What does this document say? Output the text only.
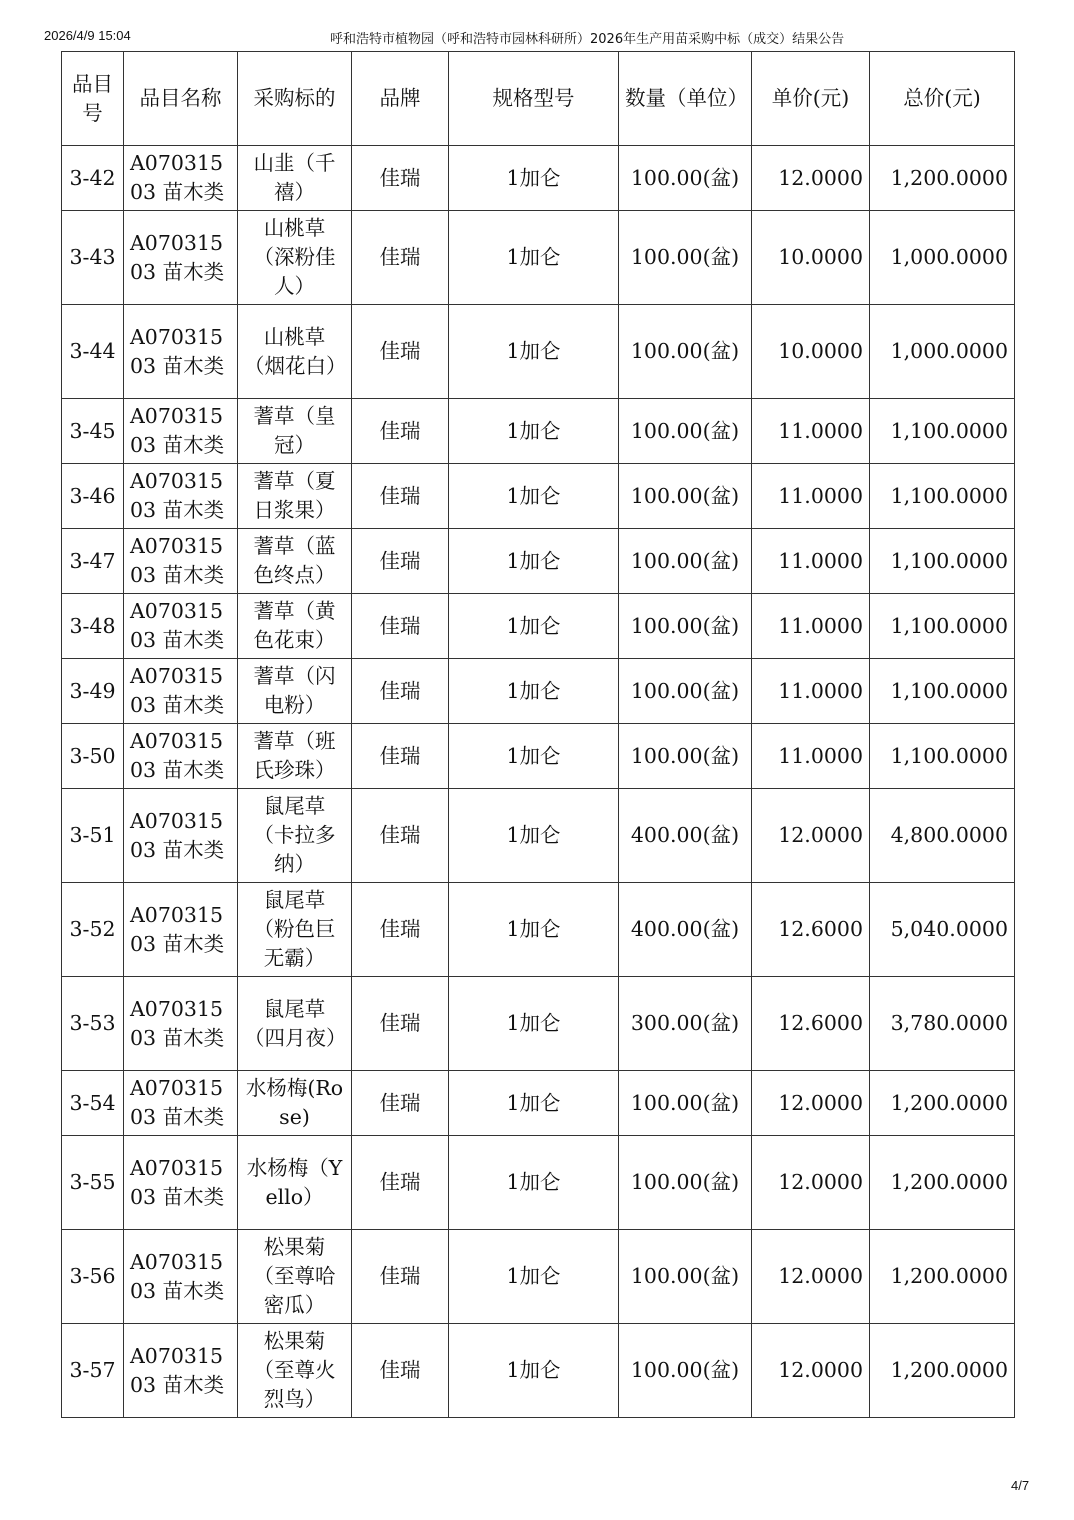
2026/4/9 15:04	呼和浩特市植物园（呼和浩特市园林科研所）2026年生产用苗采购中标（成交）结果公告
品目号	品目名称	采购标的	品牌	规格型号	数量（单位）	单价(元)	总价(元)
3-42	A07031503 苗木类	山韭（千禧）	佳瑞	1加仑	100.00(盆)	12.0000	1,200.0000
3-43	A07031503 苗木类	山桃草（深粉佳人）	佳瑞	1加仑	100.00(盆)	10.0000	1,000.0000
3-44	A07031503 苗木类	山桃草（烟花白）	佳瑞	1加仑	100.00(盆)	10.0000	1,000.0000
3-45	A07031503 苗木类	蓍草（皇冠）	佳瑞	1加仑	100.00(盆)	11.0000	1,100.0000
3-46	A07031503 苗木类	蓍草（夏日浆果）	佳瑞	1加仑	100.00(盆)	11.0000	1,100.0000
3-47	A07031503 苗木类	蓍草（蓝色终点）	佳瑞	1加仑	100.00(盆)	11.0000	1,100.0000
3-48	A07031503 苗木类	蓍草（黄色花束）	佳瑞	1加仑	100.00(盆)	11.0000	1,100.0000
3-49	A07031503 苗木类	蓍草（闪电粉）	佳瑞	1加仑	100.00(盆)	11.0000	1,100.0000
3-50	A07031503 苗木类	蓍草（班氏珍珠）	佳瑞	1加仑	100.00(盆)	11.0000	1,100.0000
3-51	A07031503 苗木类	鼠尾草（卡拉多纳）	佳瑞	1加仑	400.00(盆)	12.0000	4,800.0000
3-52	A07031503 苗木类	鼠尾草（粉色巨无霸）	佳瑞	1加仑	400.00(盆)	12.6000	5,040.0000
3-53	A07031503 苗木类	鼠尾草（四月夜）	佳瑞	1加仑	300.00(盆)	12.6000	3,780.0000
3-54	A07031503 苗木类	水杨梅(Rose)	佳瑞	1加仑	100.00(盆)	12.0000	1,200.0000
3-55	A07031503 苗木类	水杨梅（Yello）	佳瑞	1加仑	100.00(盆)	12.0000	1,200.0000
3-56	A07031503 苗木类	松果菊（至尊哈密瓜）	佳瑞	1加仑	100.00(盆)	12.0000	1,200.0000
3-57	A07031503 苗木类	松果菊（至尊火烈鸟）	佳瑞	1加仑	100.00(盆)	12.0000	1,200.0000
4/7
